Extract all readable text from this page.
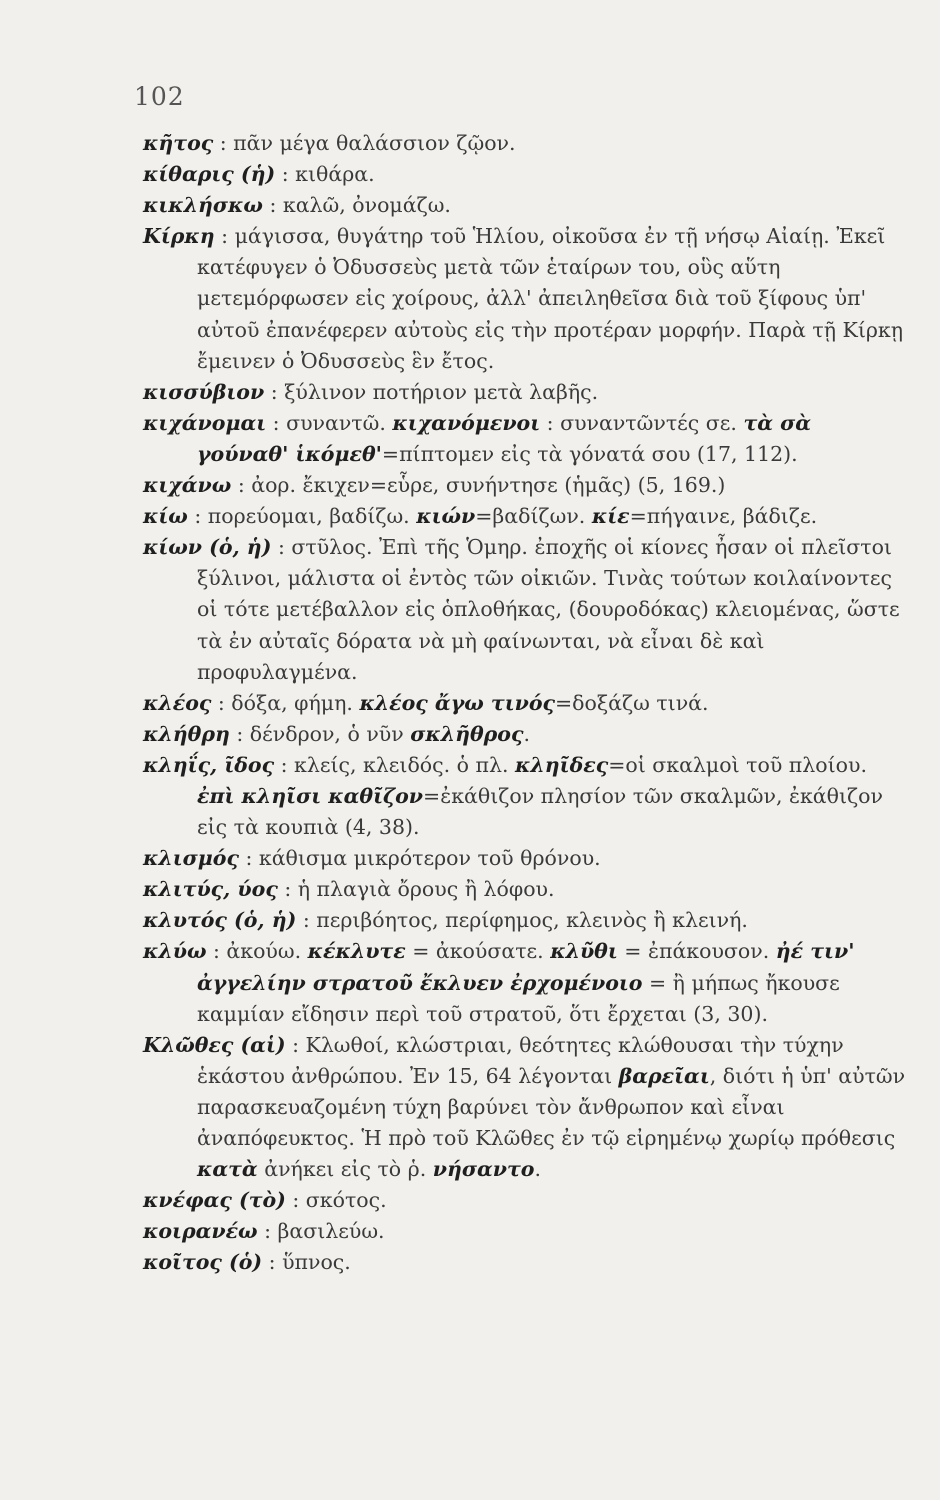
102

κῆτος : πᾶν μέγα θαλάσσιον ζῷον.

κίθαρις (ἡ) : κιθάρα.

κικλήσκω : καλῶ, ὀνομάζω.

Κίρκη : μάγισσα, θυγάτηρ τοῦ Ἡλίου, οἰκοῦσα ἐν τῇ νήσῳ Αἰαίῃ. Ἐκεῖ κατέφυγεν ὁ Ὀδυσσεὺς μετὰ τῶν ἑταίρων του, οὓς αὕτη μετεμόρφωσεν εἰς χοίρους, ἀλλ' ἀπειληθεῖσα διὰ τοῦ ξίφους ὑπ' αὐτοῦ ἐπανέφερεν αὐτοὺς εἰς τὴν προτέραν μορφήν. Παρὰ τῇ Κίρκῃ ἔμεινεν ὁ Ὀδυσσεὺς ἓν ἔτος.

κισσύβιον : ξύλινον ποτήριον μετὰ λαβῆς.

κιχάνομαι : συναντῶ. κιχανόμενοι : συναντῶντές σε. τὰ σὰ γούναθ' ἱκόμεθ'=πίπτομεν εἰς τὰ γόνατά σου (17, 112).

κιχάνω : ἀορ. ἔκιχεν=εὗρε, συνήντησε (ἡμᾶς) (5, 169.)

κίω : πορεύομαι, βαδίζω. κιών=βαδίζων. κίε=πήγαινε, βάδιζε.

κίων (ὁ, ἡ) : στῦλος. Ἐπὶ τῆς Ὁμηρ. ἐποχῆς οἱ κίονες ἦσαν οἱ πλεῖστοι ξύλινοι, μάλιστα οἱ ἐντὸς τῶν οἰκιῶν. Τινὰς τούτων κοιλαίνοντες οἱ τότε μετέβαλλον εἰς ὁπλοθήκας, (δουροδόκας) κλειομένας, ὥστε τὰ ἐν αὐταῖς δόρατα νὰ μὴ φαίνωνται, νὰ εἶναι δὲ καὶ προφυλαγμένα.

κλέος : δόξα, φήμη. κλέος ἄγω τινός=δοξάζω τινά.

κλήθρη : δένδρον, ὁ νῦν σκλῆθρος.

κληΐς, ῖδος : κλείς, κλειδός. ὁ πλ. κληῖδες=οἱ σκαλμοὶ τοῦ πλοίου. ἐπὶ κληῖσι καθῖζον=ἐκάθιζον πλησίον τῶν σκαλμῶν, ἐκάθιζον εἰς τὰ κουπιὰ (4, 38).

κλισμός : κάθισμα μικρότερον τοῦ θρόνου.

κλιτύς, ύος : ἡ πλαγιὰ ὄρους ἢ λόφου.

κλυτός (ὁ, ἡ) : περιβόητος, περίφημος, κλεινὸς ἢ κλεινή.

κλύω : ἀκούω. κέκλυτε = ἀκούσατε. κλῦθι = ἐπάκουσον. ἠέ τιν' ἀγγελίην στρατοῦ ἔκλυεν ἐρχομένοιο = ἢ μήπως ἤκουσε καμμίαν εἴδησιν περὶ τοῦ στρατοῦ, ὅτι ἔρχεται (3, 30).

Κλῶθες (αἱ) : Κλωθοί, κλώστριαι, θεότητες κλώθουσαι τὴν τύχην ἑκάστου ἀνθρώπου. Ἐν 15, 64 λέγονται βαρεῖαι, διότι ἡ ὑπ' αὐτῶν παρασκευαζομένη τύχη βαρύνει τὸν ἄνθρωπον καὶ εἶναι ἀναπόφευκτος. Ἡ πρὸ τοῦ Κλῶθες ἐν τῷ εἰρημένῳ χωρίῳ πρόθεσις κατὰ ἀνήκει εἰς τὸ ῥ. νήσαντο.

κνέφας (τὸ) : σκότος.

κοιρανέω : βασιλεύω.

κοῖτος (ὁ) : ὕπνος.
